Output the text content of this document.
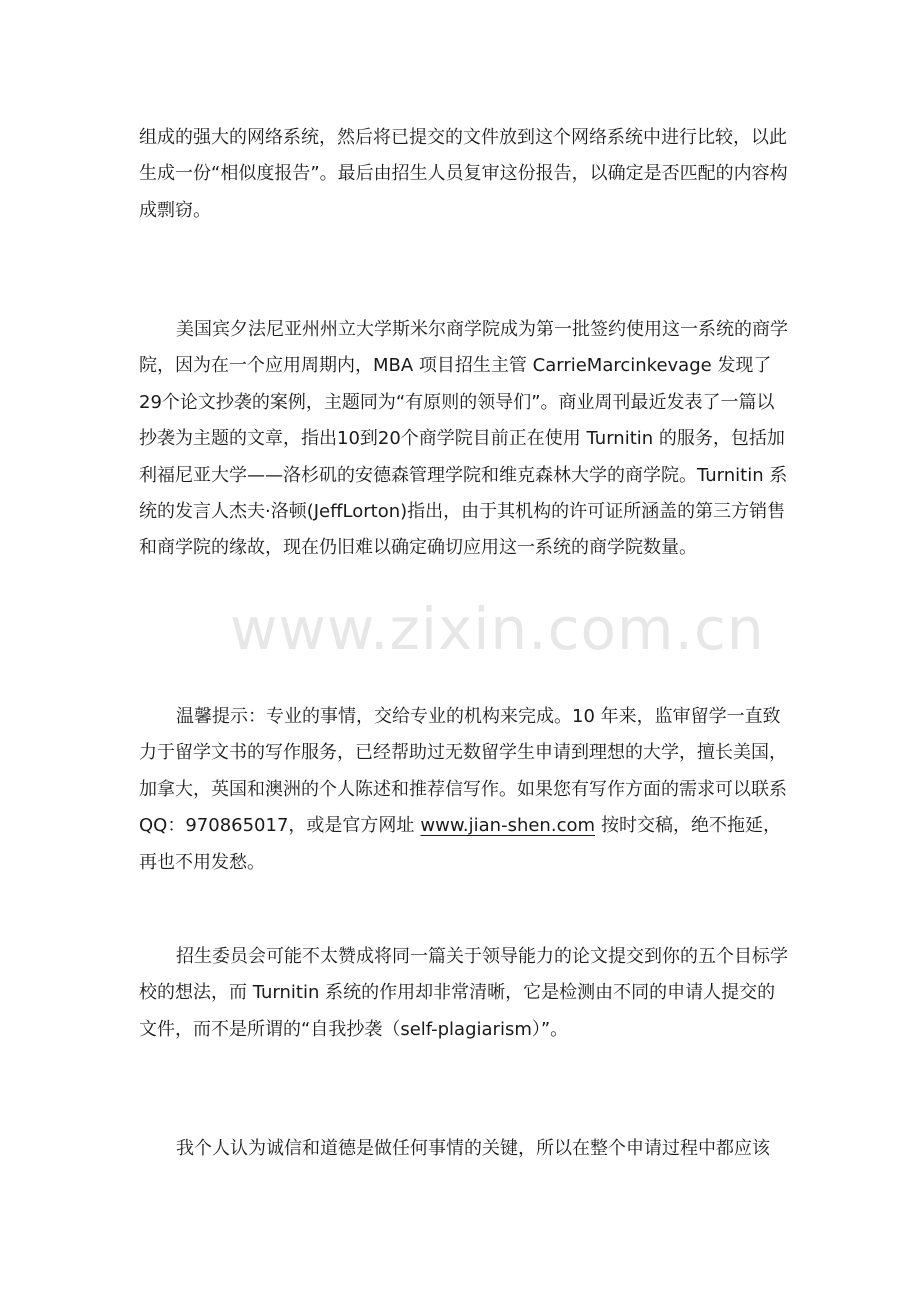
组成的强大的网络系统，然后将已提交的文件放到这个网络系统中进行比较，以此生成一份“相似度报告”。最后由招生人员复审这份报告，以确定是否匹配的内容构成剽窃。

美国宾夕法尼亚州州立大学斯米尔商学院成为第一批签约使用这一系统的商学院，因为在一个应用周期内，MBA 项目招生主管 CarrieMarcinkevage 发现了29个论文抄袭的案例，主题同为“有原则的领导们”。商业周刊最近发表了一篇以抄袭为主题的文章，指出10到20个商学院目前正在使用 Turnitin 的服务，包括加利福尼亚大学——洛杉矶的安德森管理学院和维克森林大学的商学院。Turnitin 系统的发言人杰夫·洛顿(JeffLorton)指出，由于其机构的许可证所涵盖的第三方销售和商学院的缘故，现在仍旧难以确定确切应用这一系统的商学院数量。

温馨提示：专业的事情，交给专业的机构来完成。10 年来，监审留学一直致力于留学文书的写作服务，已经帮助过无数留学生申请到理想的大学，擅长美国，加拿大，英国和澳洲的个人陈述和推荐信写作。如果您有写作方面的需求可以联系 QQ：970865017，或是官方网址 www.jian-shen.com 按时交稿，绝不拖延，再也不用发愁。

招生委员会可能不太赞成将同一篇关于领导能力的论文提交到你的五个目标学校的想法，而 Turnitin 系统的作用却非常清晰，它是检测由不同的申请人提交的文件，而不是所谓的“自我抄袭（self-plagiarism）”。

我个人认为诚信和道德是做任何事情的关键，所以在整个申请过程中都应该

www.zixin.com.cn
